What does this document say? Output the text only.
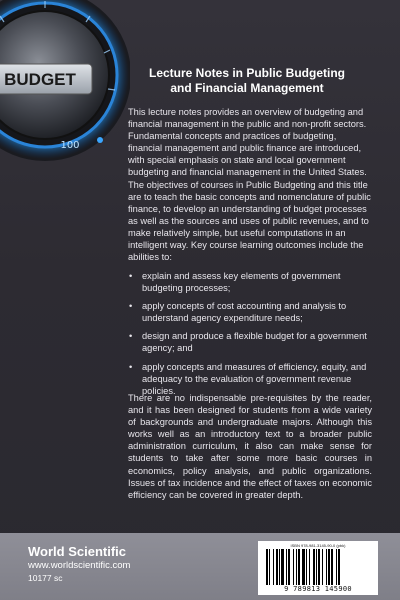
BUDGET
100
Lecture Notes in Public Budgeting
and Financial Management

This lecture notes provides an overview of budgeting and financial management in the public and non-profit sectors. Fundamental concepts and practices of budgeting, financial management and public finance are introduced, with special emphasis on state and local government budgeting and financial management in the United States. The objectives of courses in Public Budgeting and this title are to teach the basic concepts and nomenclature of public finance, to develop an understanding of budget processes as well as the sources and uses of public revenues, and to make relatively simple, but useful computations in an intelligent way. Key course learning outcomes include the abilities to:

• explain and assess key elements of government budgeting processes;
• apply concepts of cost accounting and analysis to understand agency expenditure needs;
• design and produce a flexible budget for a government agency; and
• apply concepts and measures of efficiency, equity, and adequacy to the evaluation of government revenue policies.

There are no indispensable pre-requisites by the reader, and it has been designed for students from a wide variety of backgrounds and undergraduate majors. Although this works well as an introductory text to a broader public administration curriculum, it also can make sense for students to take after some more basic courses in economics, policy analysis, and public organizations. Issues of tax incidence and the effect of taxes on economic efficiency can be covered in greater depth.

World Scientific
www.worldscientific.com
10177 sc
ISBN 978-981-3145-90-0 (pbk)
9 789813 145900
